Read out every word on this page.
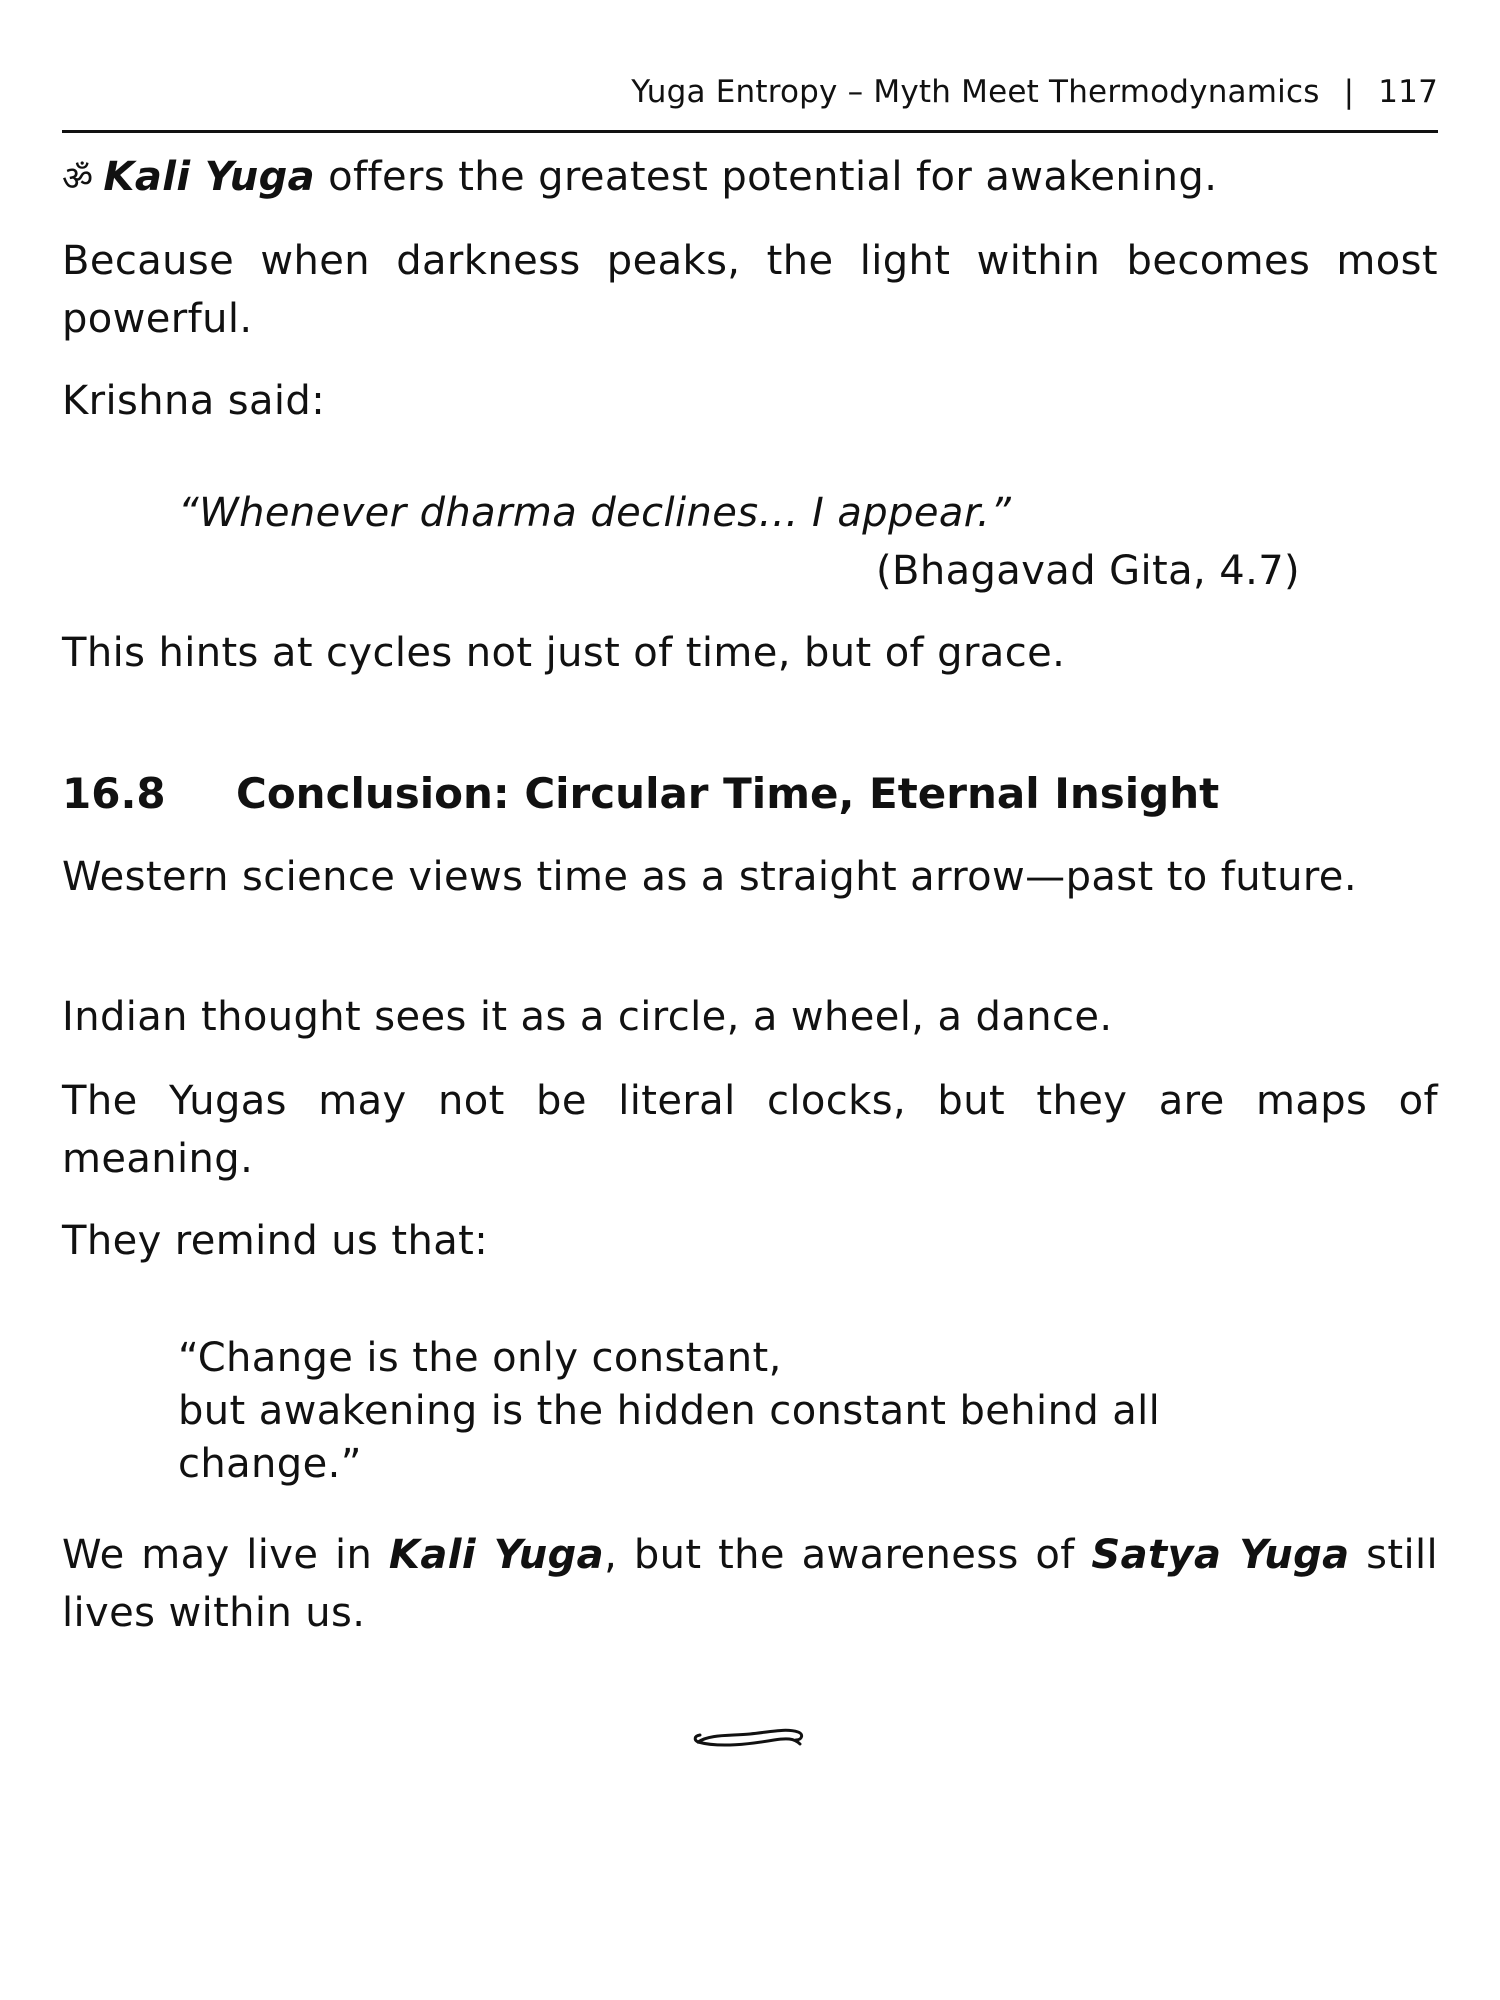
Yuga Entropy – Myth Meet Thermodynamics | 117

ॐ Kali Yuga offers the greatest potential for awakening.

Because when darkness peaks, the light within becomes most powerful.

Krishna said:

“Whenever dharma declines… I appear.”
(Bhagavad Gita, 4.7)

This hints at cycles not just of time, but of grace.

16.8 Conclusion: Circular Time, Eternal Insight

Western science views time as a straight arrow—past to future.

Indian thought sees it as a circle, a wheel, a dance.

The Yugas may not be literal clocks, but they are maps of meaning.

They remind us that:

“Change is the only constant,
but awakening is the hidden constant behind all
change.”

We may live in Kali Yuga, but the awareness of Satya Yuga still lives within us.
